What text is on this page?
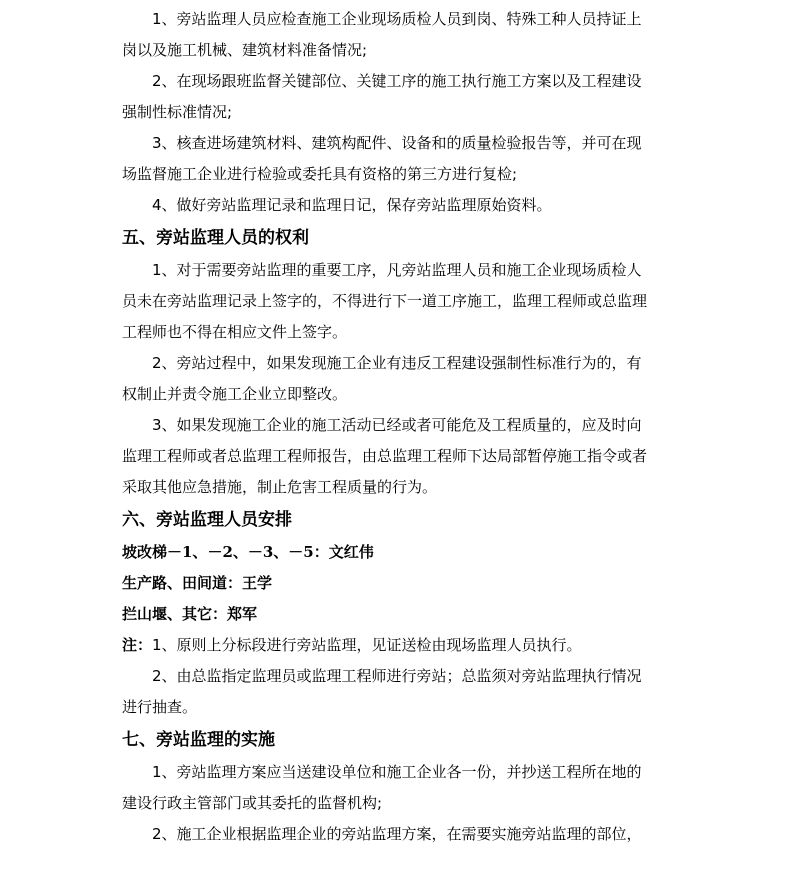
1、旁站监理人员应检查施工企业现场质检人员到岗、特殊工种人员持证上
岗以及施工机械、建筑材料准备情况;
2、在现场跟班监督关键部位、关键工序的施工执行施工方案以及工程建设
强制性标准情况;
3、核查进场建筑材料、建筑构配件、设备和的质量检验报告等，并可在现
场监督施工企业进行检验或委托具有资格的第三方进行复检;
4、做好旁站监理记录和监理日记，保存旁站监理原始资料。
五、旁站监理人员的权利
1、对于需要旁站监理的重要工序，凡旁站监理人员和施工企业现场质检人
员未在旁站监理记录上签字的，不得进行下一道工序施工，监理工程师或总监理
工程师也不得在相应文件上签字。
2、旁站过程中，如果发现施工企业有违反工程建设强制性标准行为的，有
权制止并责令施工企业立即整改。
3、如果发现施工企业的施工活动已经或者可能危及工程质量的，应及时向
监理工程师或者总监理工程师报告，由总监理工程师下达局部暂停施工指令或者
采取其他应急措施，制止危害工程质量的行为。
六、旁站监理人员安排
坡改梯－1、－2、－3、－5：文红伟
生产路、田间道：王学
拦山堰、其它：郑军
注：1、原则上分标段进行旁站监理，见证送检由现场监理人员执行。
2、由总监指定监理员或监理工程师进行旁站；总监须对旁站监理执行情况
进行抽查。
七、旁站监理的实施
1、旁站监理方案应当送建设单位和施工企业各一份，并抄送工程所在地的
建设行政主管部门或其委托的监督机构;
2、施工企业根据监理企业的旁站监理方案，在需要实施旁站监理的部位，
